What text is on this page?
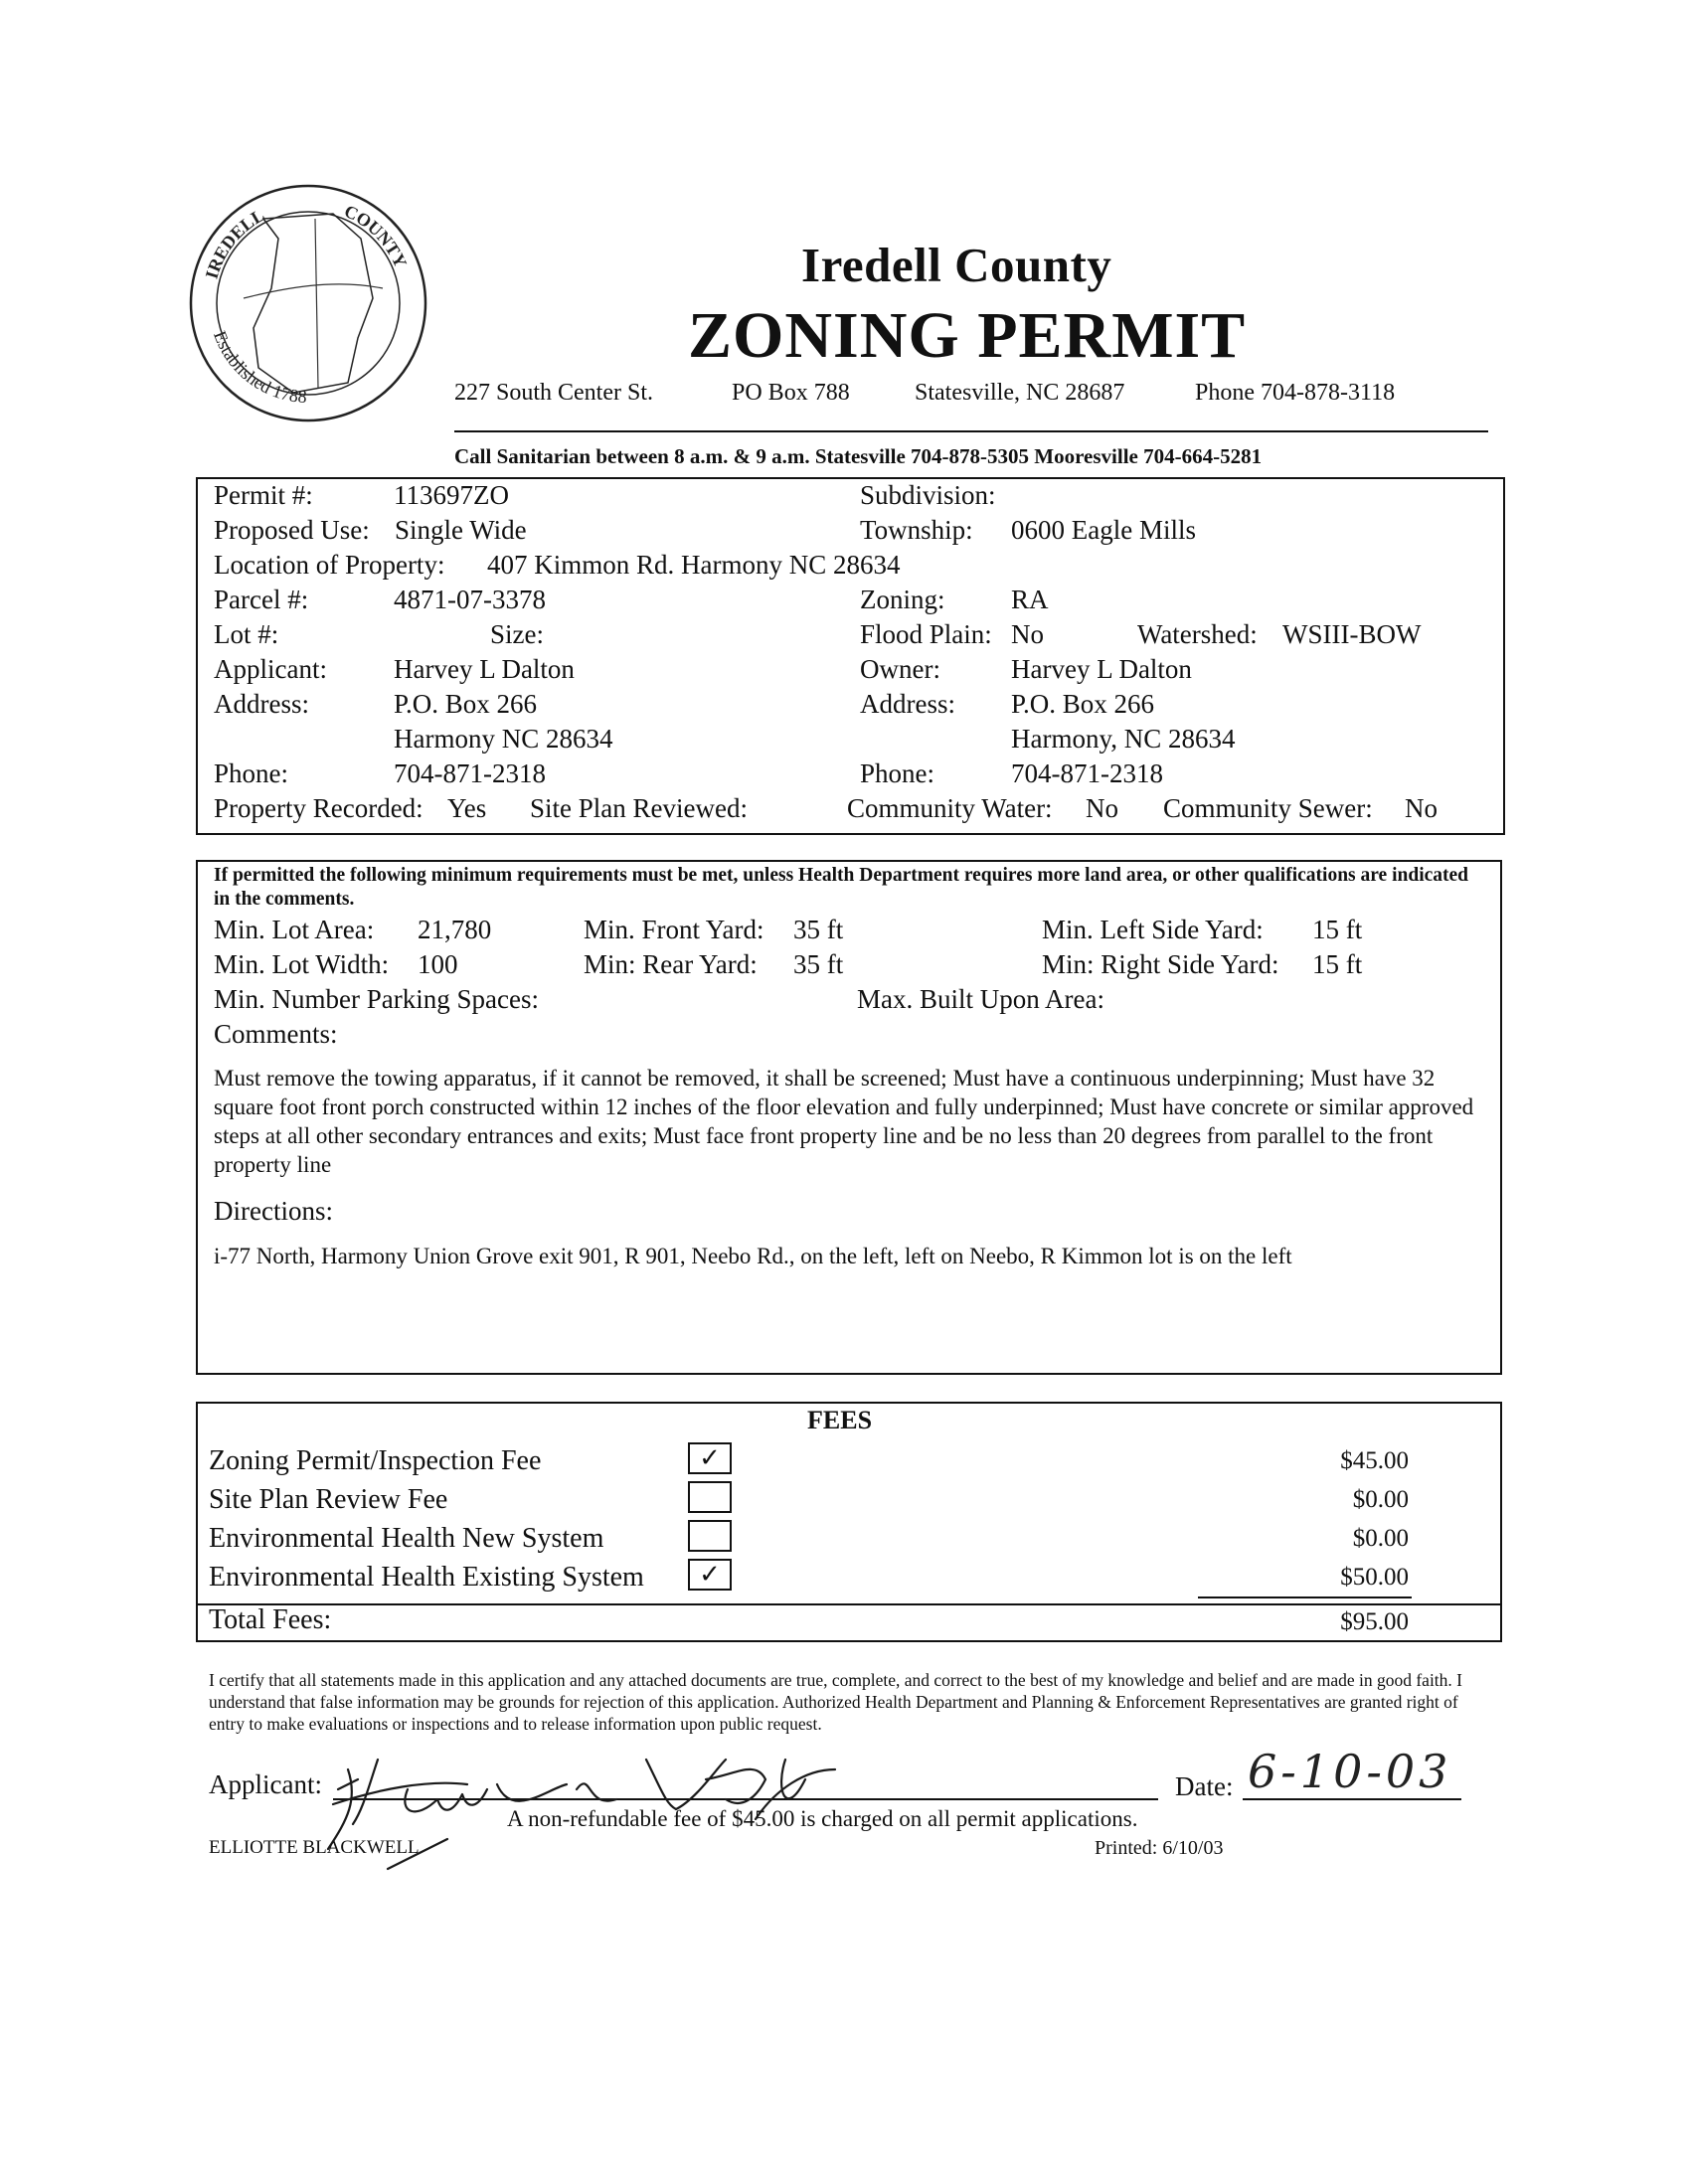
IREDELL	COUNTY
Established 1788
Iredell County
ZONING PERMIT
227 South Center St.	PO Box 788	Statesville, NC 28687	Phone 704-878-3118
Call Sanitarian between 8 a.m. & 9 a.m. Statesville 704-878-5305 Mooresville 704-664-5281
Permit #:	113697ZO	Subdivision:
Proposed Use: Single Wide	Township: 0600 Eagle Mills
Location of Property: 407 Kimmon Rd. Harmony NC 28634
Parcel #:	4871-07-3378	Zoning: RA
Lot #:	Size:	Flood Plain: No	Watershed: WSIII-BOW
Applicant: Harvey L Dalton	Owner:	Harvey L Dalton
Address:	P.O. Box 266	Address: P.O. Box 266
Harmony NC 28634	Harmony, NC 28634
Phone:	704-871-2318	Phone:	704-871-2318
Property Recorded: Yes Site Plan Reviewed:	Community Water: No Community Sewer: No
If permitted the following minimum requirements must be met, unless Health Department requires more land area, or other qualifications are indicated in the comments.
Min. Lot Area: 21,780	Min. Front Yard: 35 ft	Min. Left Side Yard: 15 ft
Min. Lot Width: 100	Min: Rear Yard: 35 ft	Min: Right Side Yard: 15 ft
Min. Number Parking Spaces:	Max. Built Upon Area:
Comments:
Must remove the towing apparatus, if it cannot be removed, it shall be screened; Must have a continuous underpinning; Must have 32 square foot front porch constructed within 12 inches of the floor elevation and fully underpinned; Must have concrete or similar approved steps at all other secondary entrances and exits; Must face front property line and be no less than 20 degrees from parallel to the front property line
Directions:
i-77 North, Harmony Union Grove exit 901, R 901, Neebo Rd., on the left, left on Neebo, R Kimmon lot is on the left
FEES
Zoning Permit/Inspection Fee	✓	$45.00
Site Plan Review Fee	$0.00
Environmental Health New System	$0.00
Environmental Health Existing System	✓	$50.00
Total Fees:	$95.00
I certify that all statements made in this application and any attached documents are true, complete, and correct to the best of my knowledge and belief and are made in good faith. I understand that false information may be grounds for rejection of this application. Authorized Health Department and Planning & Enforcement Representatives are granted right of entry to make evaluations or inspections and to release information upon public request.
Applicant:	Date: 6-10-03
A non-refundable fee of $45.00 is charged on all permit applications.
ELLIOTTE BLACKWELL	Printed: 6/10/03
